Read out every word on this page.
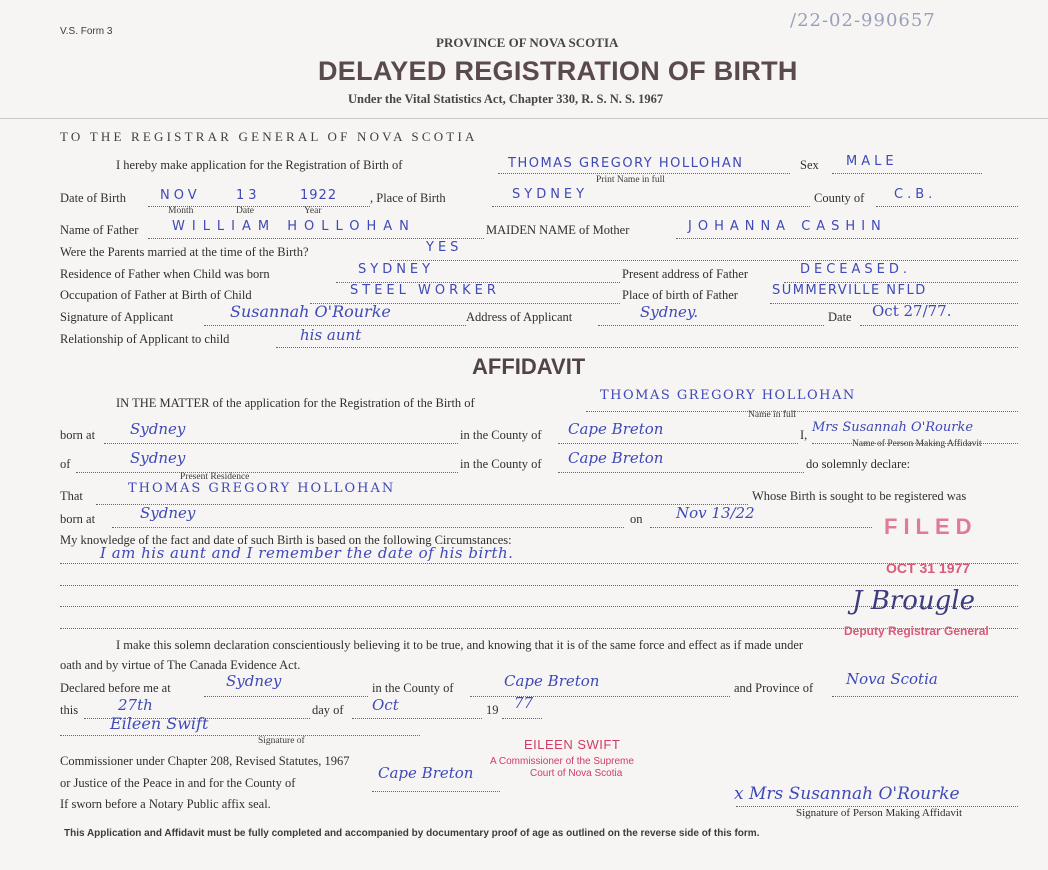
V.S. Form 3
/22-02-990657
PROVINCE OF NOVA SCOTIA
DELAYED REGISTRATION OF BIRTH
Under the Vital Statistics Act, Chapter 330, R. S. N. S. 1967
TO THE REGISTRAR GENERAL OF NOVA SCOTIA
I hereby make application for the Registration of Birth of	THOMAS GREGORY HOLLOHAN
Print Name in full
Sex MALE
Date of Birth	NOV	13	1922
Month	Date	Year
, Place of Birth	SYDNEY	County of C.B.
Name of Father	WILLIAM HOLLOHAN	MAIDEN NAME of Mother	JOHANNA CASHIN
Were the Parents married at the time of the Birth?	YES
Residence of Father when Child was born	SYDNEY	Present address of Father	DECEASED.
Occupation of Father at Birth of Child	STEEL WORKER	Place of birth of Father	SUMMERVILLE NFLD
Signature of Applicant	Susannah O'Rourke	Address of Applicant	Sydney.	Date Oct 27/77.
Relationship of Applicant to child	his aunt
AFFIDAVIT
IN THE MATTER of the application for the Registration of the Birth of	THOMAS GREGORY HOLLOHAN
Name in full
born at Sydney	in the County of Cape Breton	I, Mrs Susannah O'Rourke
Name of Person Making Affidavit
of	Sydney
Present Residence
in the County of Cape Breton	do solemnly declare:
That	THOMAS GREGORY HOLLOHAN	Whose Birth is sought to be registered was
born at	Sydney	on Nov 13/22
My knowledge of the fact and date of such Birth is based on the following Circumstances:
I am his aunt and I remember the date of his birth.
I make this solemn declaration conscientiously believing it to be true, and knowing that it is of the same force and effect as if made under
oath and by virtue of The Canada Evidence Act.
Declared before me at	Sydney	in the County of	Cape Breton	and Province of Nova Scotia
this	27th	day of Oct	19 77
Eileen Swift
Signature of
Commissioner under Chapter 208, Revised Statutes, 1967
or Justice of the Peace in and for the County of
Cape Breton
If sworn before a Notary Public affix seal.
EILEEN SWIFT
A Commissioner of the Supreme
Court of Nova Scotia
FILED
OCT 31 1977
J Brougle
Deputy Registrar General
x Mrs Susannah O'Rourke
Signature of Person Making Affidavit
This Application and Affidavit must be fully completed and accompanied by documentary proof of age as outlined on the reverse side of this form.
